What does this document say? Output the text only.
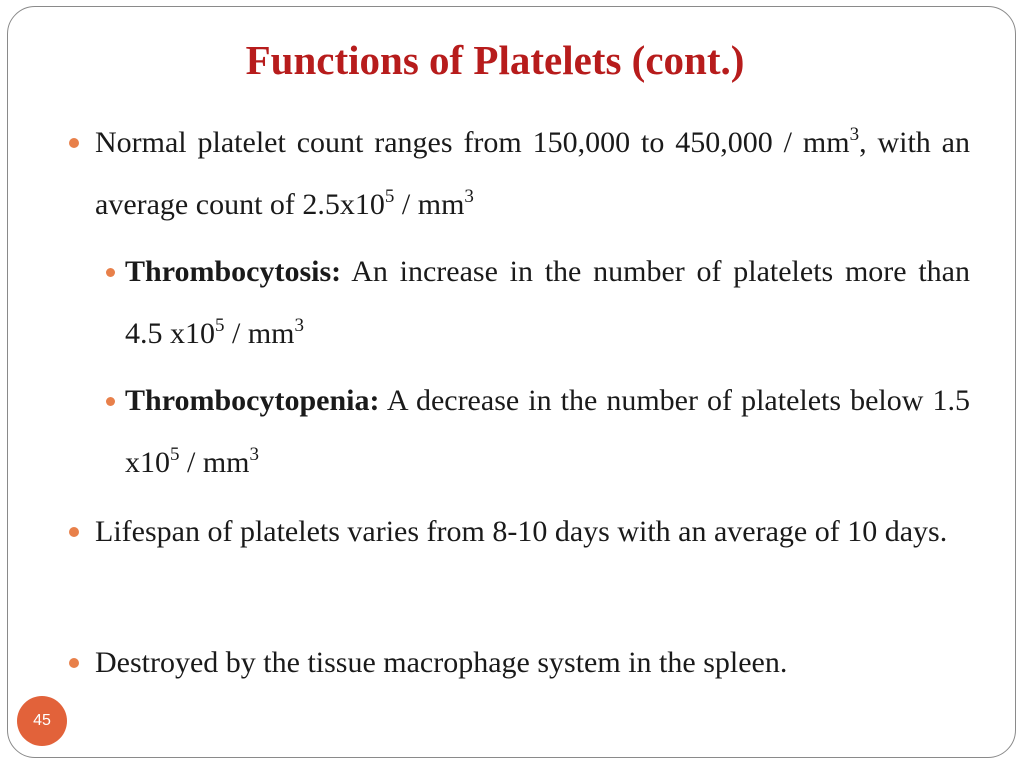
Functions of Platelets (cont.)
Normal platelet count ranges from 150,000 to $450,000 / mm^3$, with an average count of $2.5x10^5 / mm^3$
Thrombocytosis: An increase in the number of platelets more than 4.5 $x10^5 / mm^3$
Thrombocytopenia: A decrease in the number of platelets below 1.5 $x10^5 / mm^3$
Lifespan of platelets varies from 8-10 days with an average of 10 days.
Destroyed by the tissue macrophage system in the spleen.
45
